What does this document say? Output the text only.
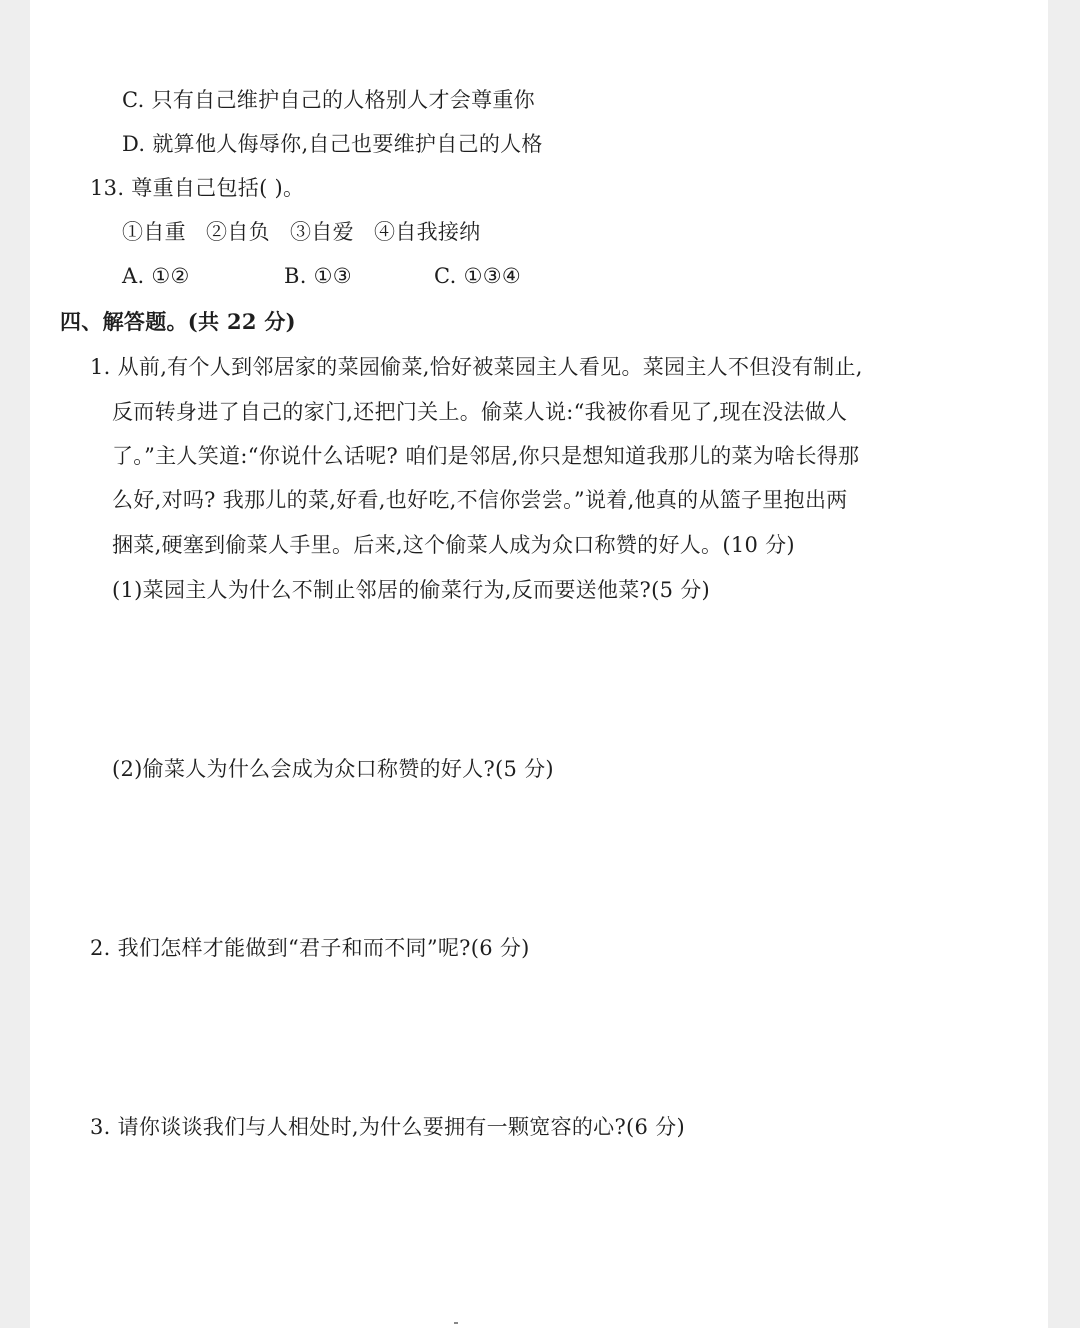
C. 只有自己维护自己的人格别人才会尊重你
D. 就算他人侮辱你,自己也要维护自己的人格
13. 尊重自己包括( )。
①自重 ②自负 ③自爱 ④自我接纳
A. ①②	B. ①③	C. ①③④
四、解答题。(共 22 分)
1. 从前,有个人到邻居家的菜园偷菜,恰好被菜园主人看见。菜园主人不但没有制止,
反而转身进了自己的家门,还把门关上。偷菜人说:“我被你看见了,现在没法做人
了。”主人笑道:“你说什么话呢? 咱们是邻居,你只是想知道我那儿的菜为啥长得那
么好,对吗? 我那儿的菜,好看,也好吃,不信你尝尝。”说着,他真的从篮子里抱出两
捆菜,硬塞到偷菜人手里。后来,这个偷菜人成为众口称赞的好人。(10 分)
(1)菜园主人为什么不制止邻居的偷菜行为,反而要送他菜?(5 分)
(2)偷菜人为什么会成为众口称赞的好人?(5 分)
2. 我们怎样才能做到“君子和而不同”呢?(6 分)
3. 请你谈谈我们与人相处时,为什么要拥有一颗宽容的心?(6 分)
